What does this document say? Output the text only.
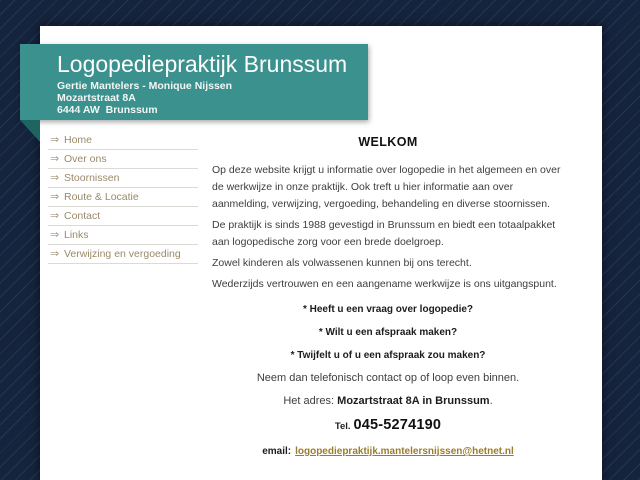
Logopediepraktijk Brunssum
Gertie Mantelers - Monique Nijssen
Mozartstraat 8A
6444 AW  Brunssum
⇒ Home
⇒ Over ons
⇒ Stoornissen
⇒ Route & Locatie
⇒ Contact
⇒ Links
⇒ Verwijzing en vergoeding
WELKOM

Op deze website krijgt u informatie over logopedie in het algemeen en over de werkwijze in onze praktijk. Ook treft u hier informatie aan over aanmelding, verwijzing, vergoeding, behandeling en diverse stoornissen.

De praktijk is sinds 1988 gevestigd in Brunssum en biedt een totaalpakket aan logopedische zorg voor een brede doelgroep.

Zowel kinderen als volwassenen kunnen bij ons terecht.

Wederzijds vertrouwen en een aangename werkwijze is ons uitgangspunt.

* Heeft u een vraag over logopedie?
* Wilt u een afspraak maken?
* Twijfelt u of u een afspraak zou maken?
Neem dan telefonisch contact op of loop even binnen.
Het adres: Mozartstraat 8A in Brunssum.
Tel. 045-5274190
email: logopediepraktijk.mantelersnijssen@hetnet.nl
